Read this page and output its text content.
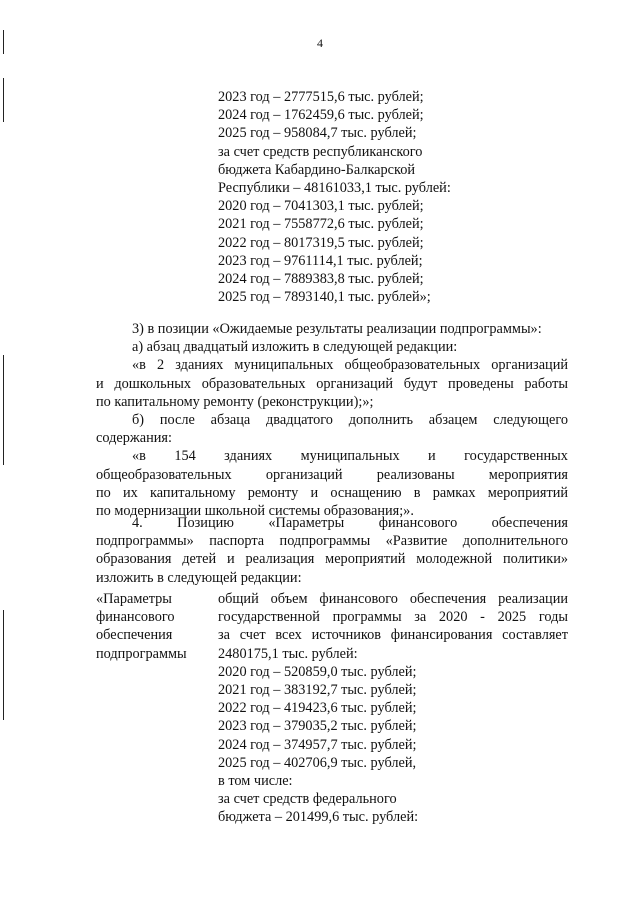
4
2023 год – 2777515,6 тыс. рублей;
2024 год – 1762459,6 тыс. рублей;
2025 год – 958084,7 тыс. рублей;
за счет средств республиканского
бюджета Кабардино-Балкарской
Республики – 48161033,1 тыс. рублей:
2020 год – 7041303,1 тыс. рублей;
2021 год – 7558772,6 тыс. рублей;
2022 год – 8017319,5 тыс. рублей;
2023 год – 9761114,1 тыс. рублей;
2024 год – 7889383,8 тыс. рублей;
2025 год – 7893140,1 тыс. рублей»;
3) в позиции «Ожидаемые результаты реализации подпрограммы»:
а) абзац двадцатый изложить в следующей редакции:
«в 2 зданиях муниципальных общеобразовательных организаций
и дошкольных образовательных организаций будут проведены работы
по капитальному ремонту (реконструкции);»;
б) после абзаца двадцатого дополнить абзацем следующего
содержания:
«в 154 зданиях муниципальных и государственных
общеобразовательных организаций реализованы мероприятия
по их капитальному ремонту и оснащению в рамках мероприятий
по модернизации школьной системы образования;».
4. Позицию «Параметры финансового обеспечения
подпрограммы» паспорта подпрограммы «Развитие дополнительного
образования детей и реализация мероприятий молодежной политики»
изложить в следующей редакции:
«Параметры
финансового
обеспечения
подпрограммы
общий объем финансового обеспечения реализации
государственной программы за 2020 - 2025 годы
за счет всех источников финансирования составляет
2480175,1 тыс. рублей:
2020 год – 520859,0 тыс. рублей;
2021 год – 383192,7 тыс. рублей;
2022 год – 419423,6 тыс. рублей;
2023 год – 379035,2 тыс. рублей;
2024 год – 374957,7 тыс. рублей;
2025 год – 402706,9 тыс. рублей,
в том числе:
за счет средств федерального
бюджета – 201499,6 тыс. рублей:
